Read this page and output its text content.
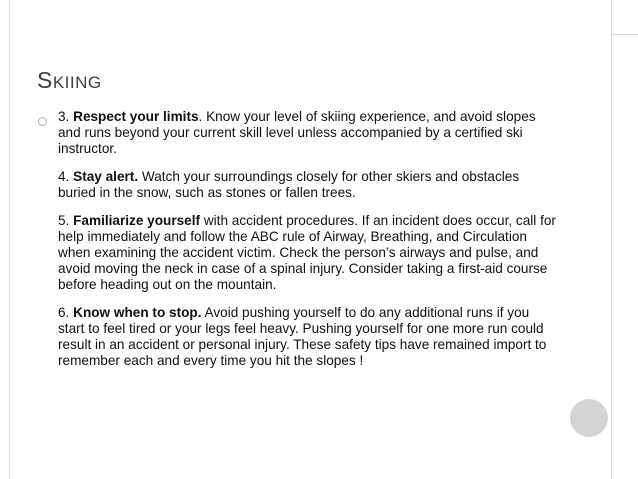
SKIING

3. Respect your limits. Know your level of skiing experience, and avoid slopes and runs beyond your current skill level unless accompanied by a certified ski instructor.

4. Stay alert. Watch your surroundings closely for other skiers and obstacles buried in the snow, such as stones or fallen trees.

5. Familiarize yourself with accident procedures. If an incident does occur, call for help immediately and follow the ABC rule of Airway, Breathing, and Circulation when examining the accident victim. Check the person’s airways and pulse, and avoid moving the neck in case of a spinal injury. Consider taking a first-aid course before heading out on the mountain.

6. Know when to stop. Avoid pushing yourself to do any additional runs if you start to feel tired or your legs feel heavy. Pushing yourself for one more run could result in an accident or personal injury. These safety tips have remained import to remember each and every time you hit the slopes !
